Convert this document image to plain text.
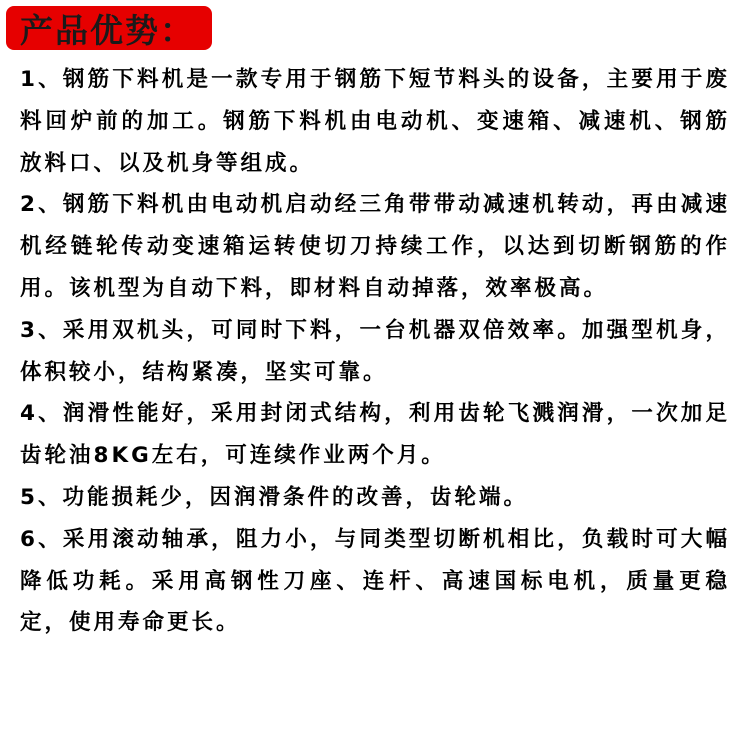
产品优势：

1、钢筋下料机是一款专用于钢筋下短节料头的设备，主要用于废料回炉前的加工。钢筋下料机由电动机、变速箱、减速机、钢筋放料口、以及机身等组成。

2、钢筋下料机由电动机启动经三角带带动减速机转动，再由减速机经链轮传动变速箱运转使切刀持续工作，以达到切断钢筋的作用。该机型为自动下料，即材料自动掉落，效率极高。

3、采用双机头，可同时下料，一台机器双倍效率。加强型机身，体积较小，结构紧凑，坚实可靠。

4、润滑性能好，采用封闭式结构，利用齿轮飞溅润滑，一次加足齿轮油8KG左右，可连续作业两个月。

5、功能损耗少，因润滑条件的改善，齿轮端。

6、采用滚动轴承，阻力小，与同类型切断机相比，负载时可大幅降低功耗。采用高钢性刀座、连杆、高速国标电机，质量更稳定，使用寿命更长。
